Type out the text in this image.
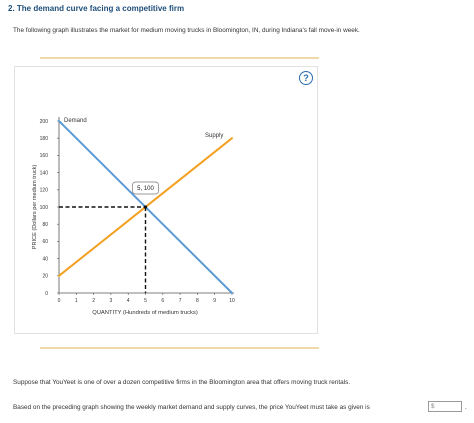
2. The demand curve facing a competitive firm
The following graph illustrates the market for medium moving trucks in Bloomington, IN, during Indiana's fall move-in week.
?
0
20
40
60
80
100
120
140
160
180
200
0	1	2	3	4	5	6	7	8	9	10
Demand
Supply
5, 100
PRICE (Dollars per medium truck)
QUANTITY (Hundreds of medium trucks)
Suppose that YouYeet is one of over a dozen competitive firms in the Bloomington area that offers moving truck rentals.
Based on the preceding graph showing the weekly market demand and supply curves, the price YouYeet must take as given is	$	.
